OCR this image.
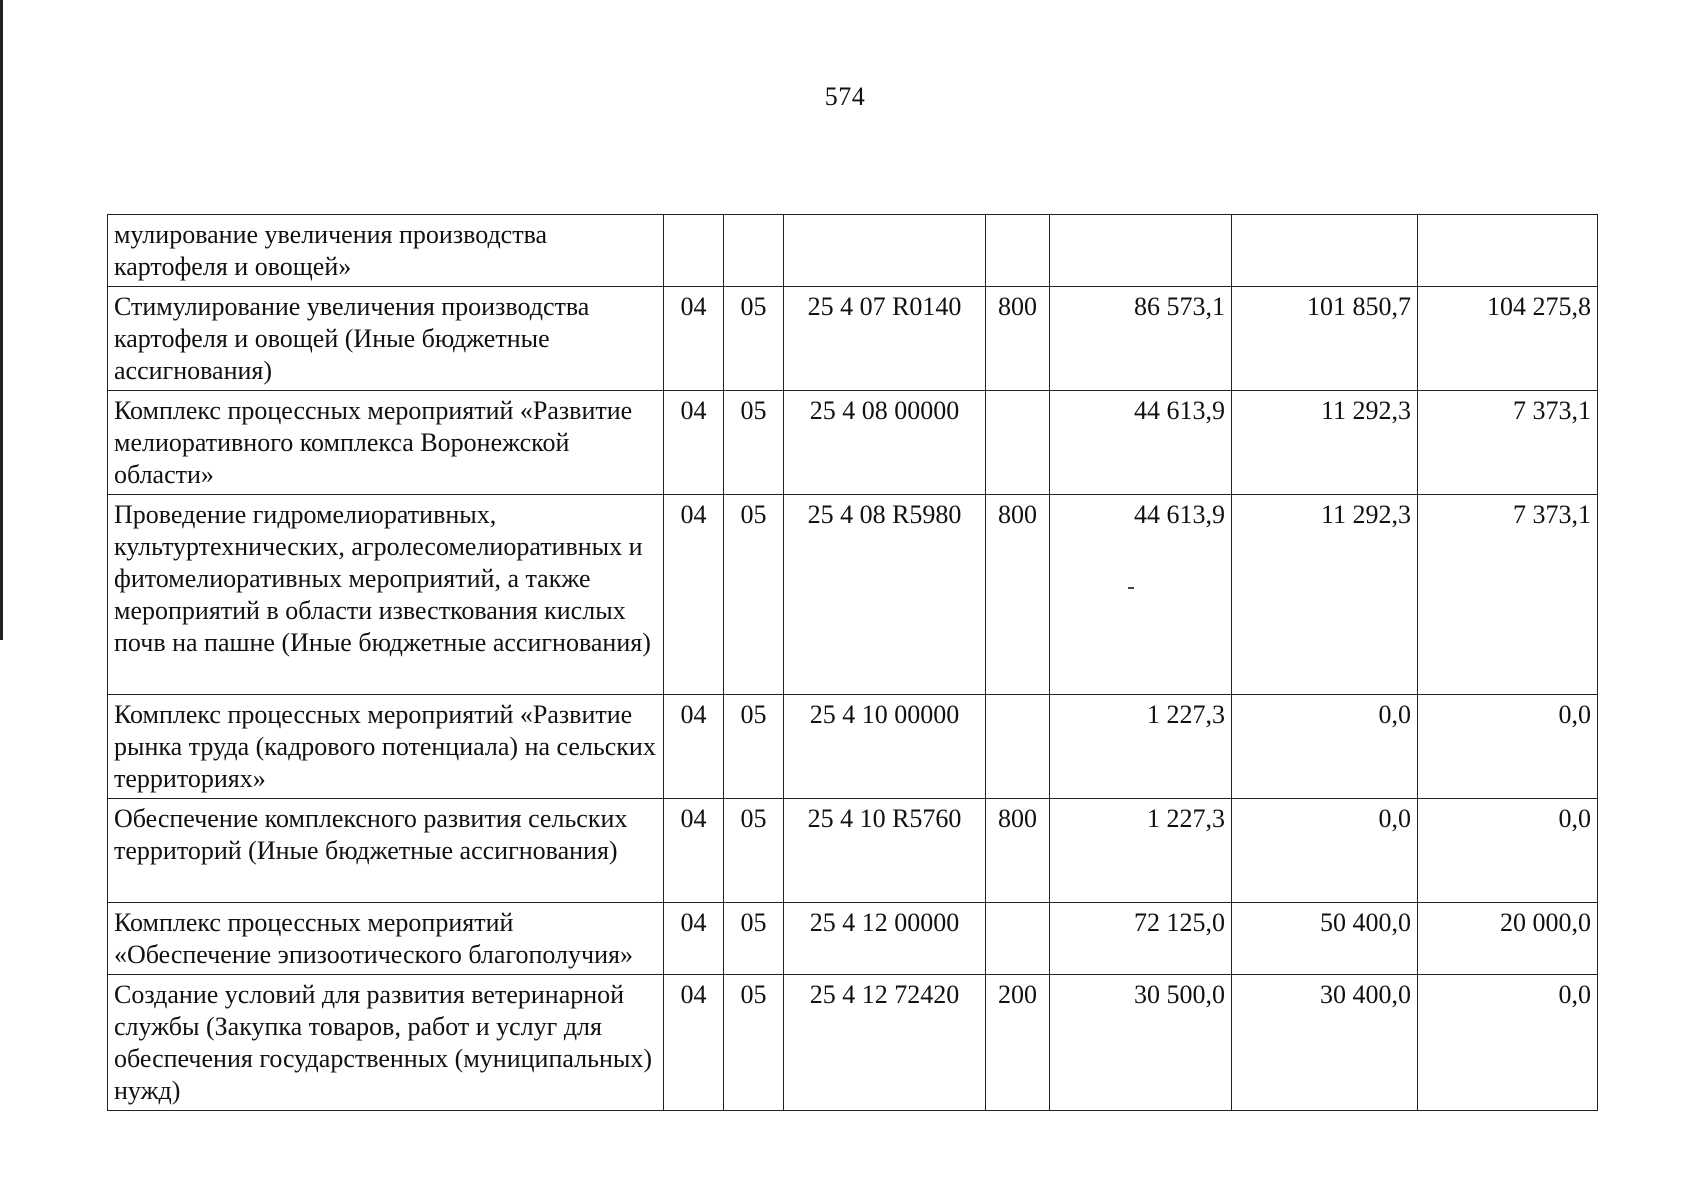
574
мулирование увеличения производства картофеля и овощей»							
Стимулирование увеличения производства картофеля и овощей (Иные бюджетные ассигнования)	04	05	25 4 07 R0140	800	86 573,1	101 850,7	104 275,8
Комплекс процессных мероприятий «Развитие мелиоративного комплекса Воронежской области»	04	05	25 4 08 00000		44 613,9	11 292,3	7 373,1
Проведение гидромелиоративных, культуртехнических, агролесомелиоративных и фитомелиоративных мероприятий, а также мероприятий в области известкования кислых почв на пашне (Иные бюджетные ассигнования)	04	05	25 4 08 R5980	800	44 613,9	11 292,3	7 373,1
Комплекс процессных мероприятий «Развитие рынка труда (кадрового потенциала) на сельских территориях»	04	05	25 4 10 00000		1 227,3	0,0	0,0
Обеспечение комплексного развития сельских территорий (Иные бюджетные ассигнования)	04	05	25 4 10 R5760	800	1 227,3	0,0	0,0
Комплекс процессных мероприятий «Обеспечение эпизоотического благополучия»	04	05	25 4 12 00000		72 125,0	50 400,0	20 000,0
Создание условий для развития ветеринарной службы (Закупка товаров, работ и услуг для обеспечения государственных (муниципальных) нужд)	04	05	25 4 12 72420	200	30 500,0	30 400,0	0,0
